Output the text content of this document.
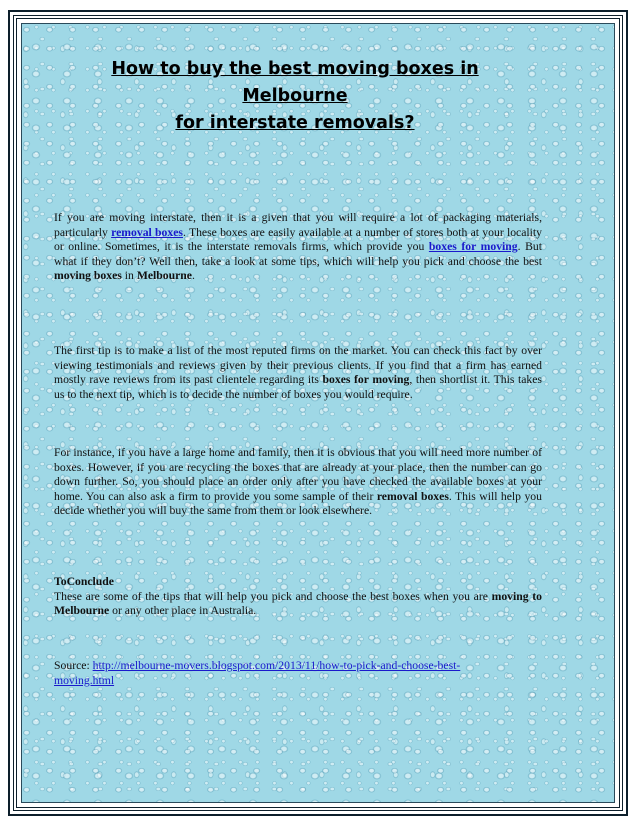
How to buy the best moving boxes in Melbourne
for interstate removals?

If you are moving interstate, then it is a given that you will require a lot of packaging materials, particularly removal boxes. These boxes are easily available at a number of stores both at your locality or online. Sometimes, it is the interstate removals firms, which provide you boxes for moving. But what if they don’t? Well then, take a look at some tips, which will help you pick and choose the best moving boxes in Melbourne.

The first tip is to make a list of the most reputed firms on the market. You can check this fact by over viewing testimonials and reviews given by their previous clients. If you find that a firm has earned mostly rave reviews from its past clientele regarding its boxes for moving, then shortlist it. This takes us to the next tip, which is to decide the number of boxes you would require.

For instance, if you have a large home and family, then it is obvious that you will need more number of boxes. However, if you are recycling the boxes that are already at your place, then the number can go down further. So, you should place an order only after you have checked the available boxes at your home. You can also ask a firm to provide you some sample of their removal boxes. This will help you decide whether you will buy the same from them or look elsewhere.

ToConclude
These are some of the tips that will help you pick and choose the best boxes when you are moving to Melbourne or any other place in Australia.

Source: http://melbourne-movers.blogspot.com/2013/11/how-to-pick-and-choose-best-
moving.html
